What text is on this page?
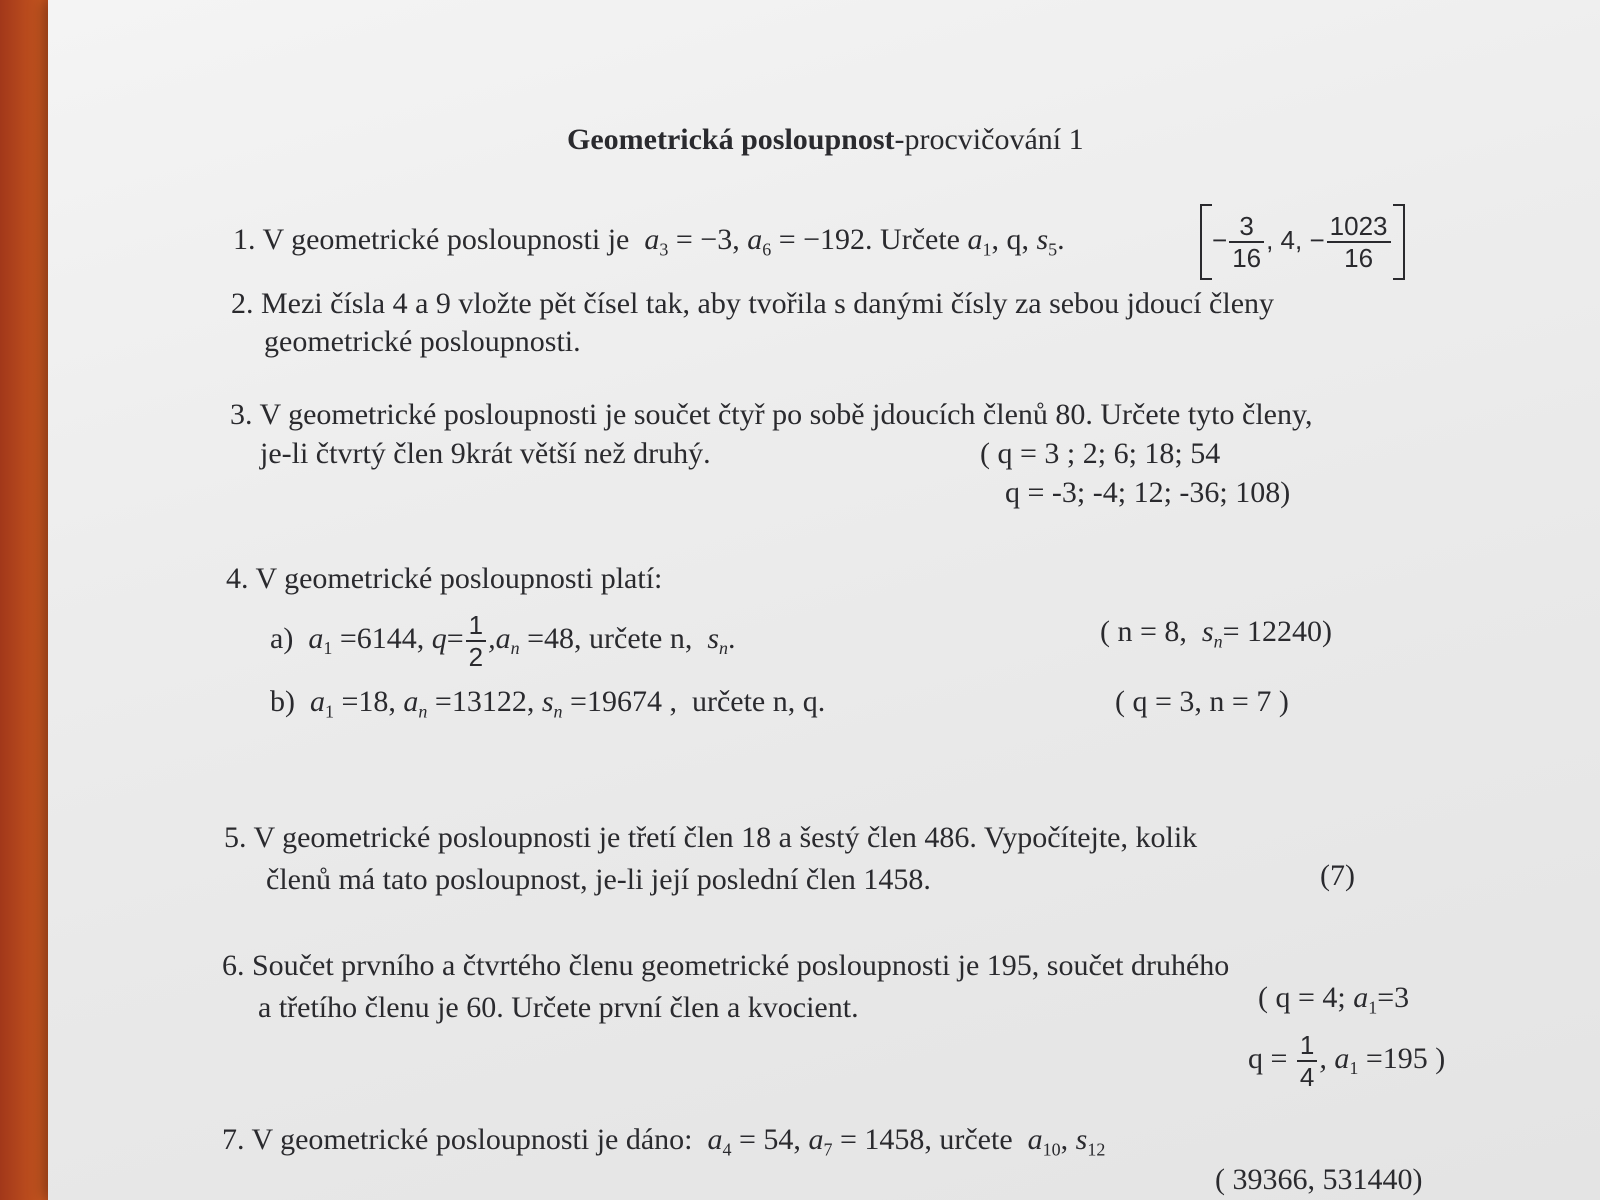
Geometrická posloupnost-procvičování 1
1. V geometrické posloupnosti je $a_3 = -3$, $a_6 = -192$. Určete $a_1$, q, $s_5$.	− $\frac{3}{16}$ , 4, − $\frac{1023}{16}$
2. Mezi čísla 4 a 9 vložte pět čísel tak, aby tvořila s danými čísly za sebou jdoucí členy
geometrické posloupnosti.
3. V geometrické posloupnosti je součet čtyř po sobě jdoucích členů 80. Určete tyto členy,
je-li čtvrtý člen 9krát větší než druhý.	( q = 3 ; 2; 6; 18; 54
q = -3; -4; 12; -36; 108)
4. V geometrické posloupnosti platí:
a) $a_1 =6144$, $q= \frac{1}{2} ,a_n =48$, určete n, $s_n$.	( n = 8, $s_n= 12240$)
b) $a_1 =18$, $a_n =13122$, $s_n =19674$ , určete n, q.	( q = 3, n = 7 )
5. V geometrické posloupnosti je třetí člen 18 a šestý člen 486. Vypočítejte, kolik
členů má tato posloupnost, je-li její poslední člen 1458.	(7)
6. Součet prvního a čtvrtého členu geometrické posloupnosti je 195, součet druhého
a třetího členu je 60. Určete první člen a kvocient.	( q = 4; $a_1=3$
$q = \frac{1}{4}$ , $a_1 =195$ )
7. V geometrické posloupnosti je dáno: $a_4 = 54$, $a_7 = 1458$, určete $a_{10}$, $s_{12}$
( 39366, 531440)
